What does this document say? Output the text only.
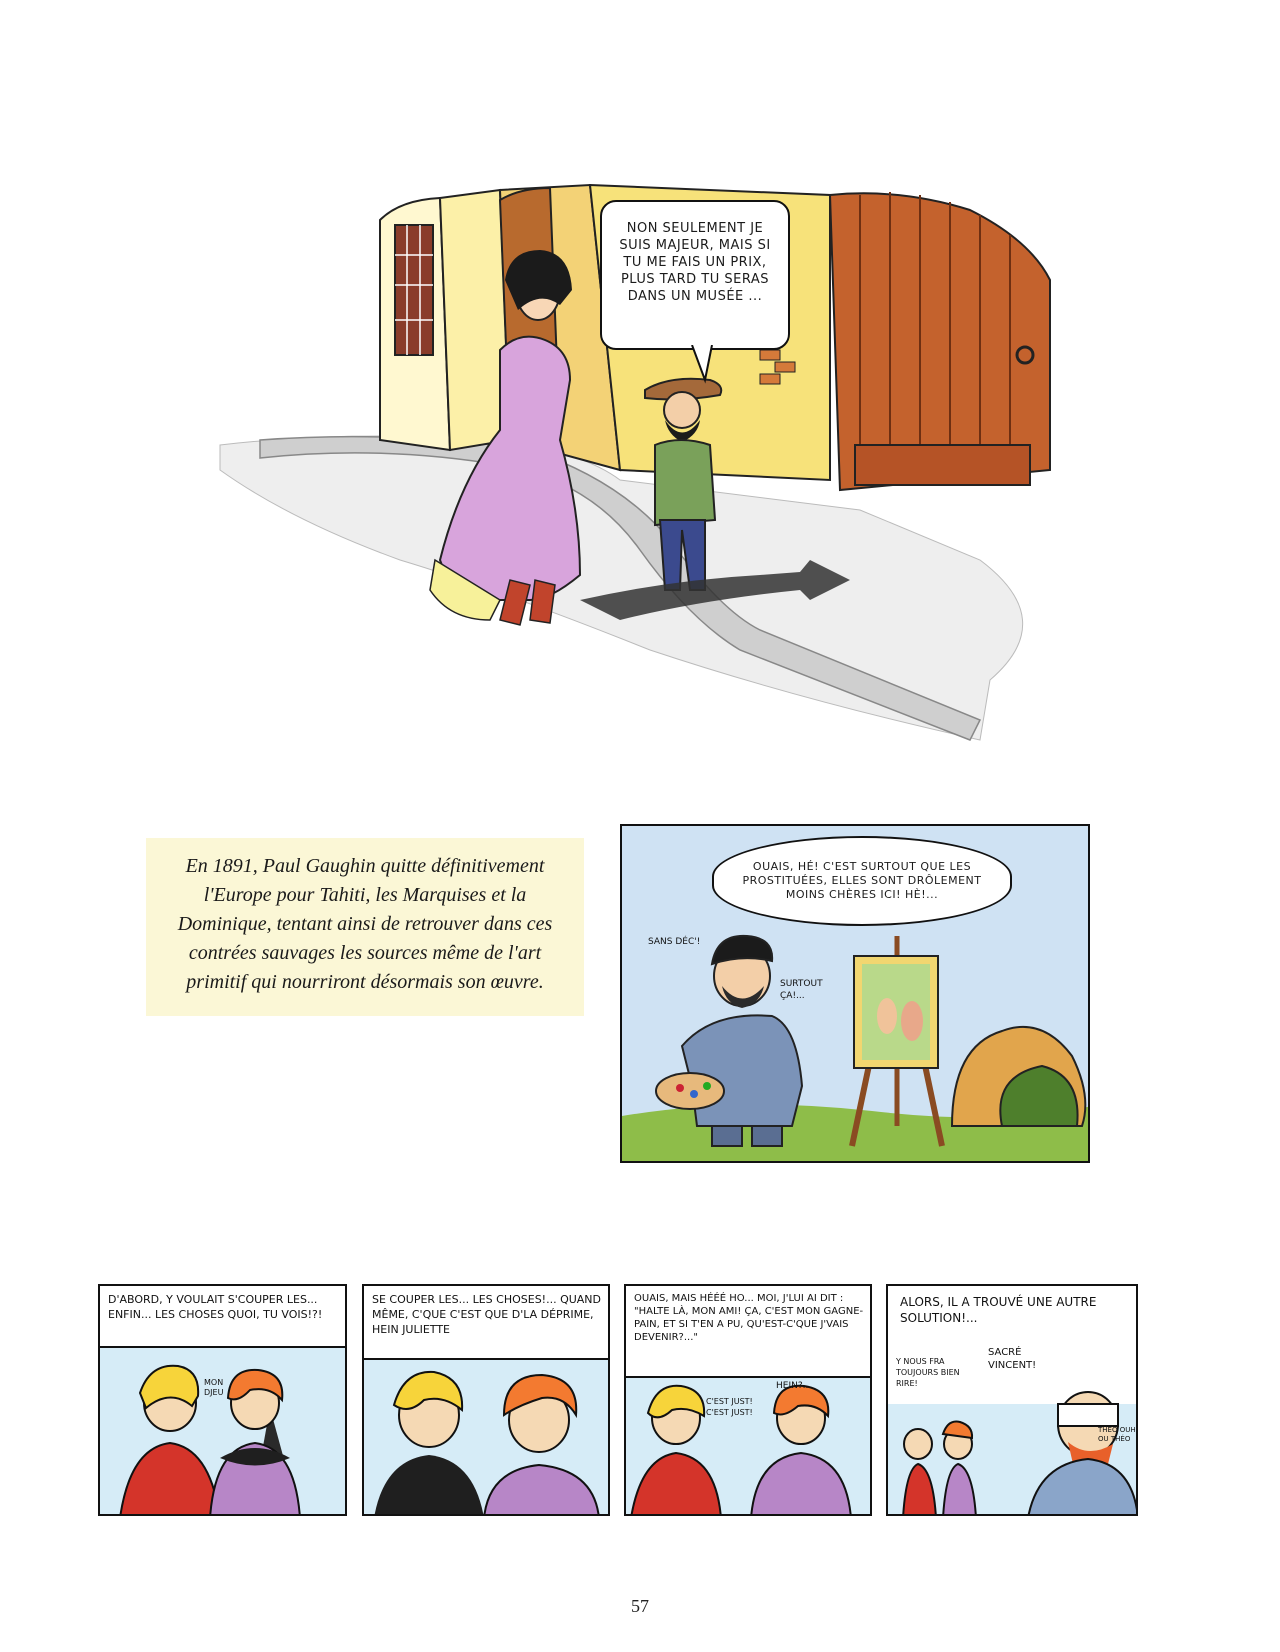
NON SEULEMENT JE SUIS MAJEUR, MAIS SI TU ME FAIS UN PRIX, PLUS TARD TU SERAS DANS UN MUSÉE ...
En 1891, Paul Gaughin quitte définitivement l'Europe pour Tahiti, les Marquises et la Dominique, tentant ainsi de retrouver dans ces contrées sauvages les sources même de l'art primitif qui nourriront désormais son œuvre.
OUAIS, HÉ! C'EST SURTOUT QUE LES PROSTITUÉES, ELLES SONT DRÔLEMENT MOINS CHÈRES ICI! HÈ!...
SANS DÉC'!
SURTOUT ÇA!...
D'ABORD, Y VOULAIT S'COUPER LES... ENFIN... LES CHOSES QUOI, TU VOIS!?!
MON DJEU
SE COUPER LES... LES CHOSES!... QUAND MÊME, C'QUE C'EST QUE D'LA DÉPRIME, HEIN JULIETTE
OUAIS, MAIS HÉÉÉ HO... MOI, J'LUI AI DIT : "HALTE LÀ, MON AMI! ÇA, C'EST MON GAGNE-PAIN, ET SI T'EN A PU, QU'EST-C'QUE J'VAIS DEVENIR?..."
C'EST JUST! C'EST JUST!
HEIN?...
ALORS, IL A TROUVÉ UNE AUTRE SOLUTION!...
Y NOUS FRA TOUJOURS BIEN RIRE!
SACRÉ VINCENT!
THÉO OUH OU THÉO
57
